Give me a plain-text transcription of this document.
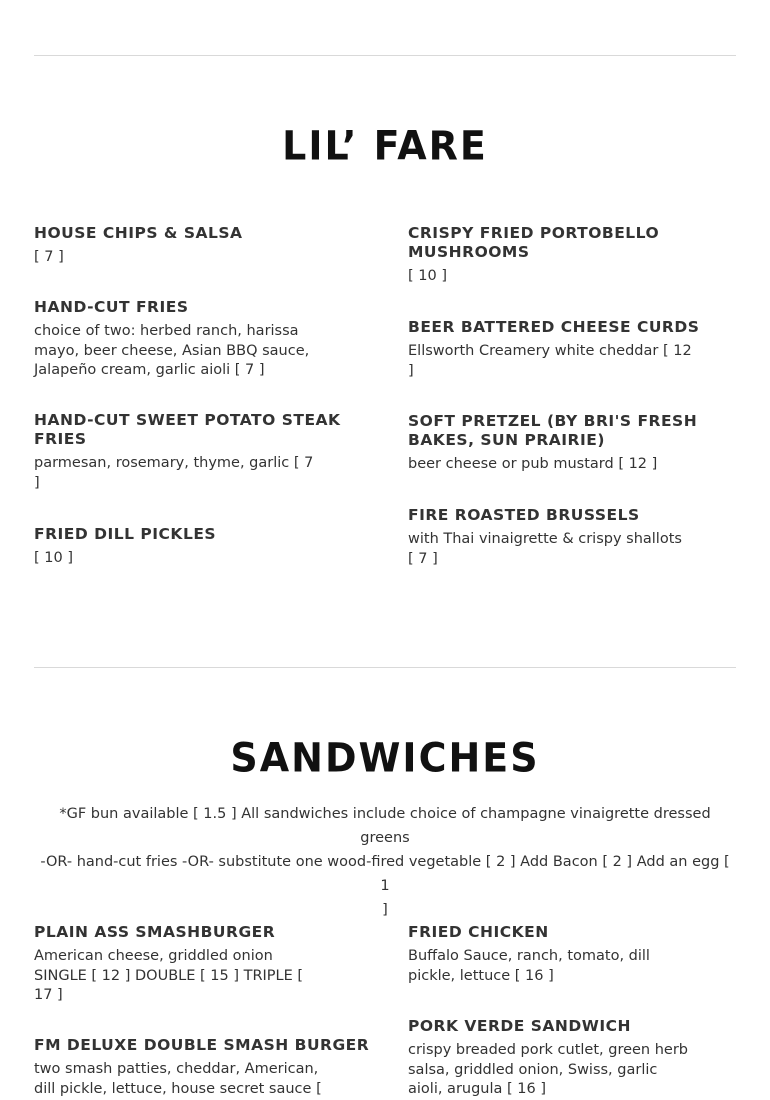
LIL’ FARE
HOUSE CHIPS & SALSA
[ 7 ]
HAND-CUT FRIES
choice of two: herbed ranch, harissa
mayo, beer cheese, Asian BBQ sauce,
Jalapeño cream, garlic aioli [ 7 ]
HAND-CUT SWEET POTATO STEAK
FRIES
parmesan, rosemary, thyme, garlic [ 7
]
FRIED DILL PICKLES
[ 10 ]
CRISPY FRIED PORTOBELLO
MUSHROOMS
[ 10 ]
BEER BATTERED CHEESE CURDS
Ellsworth Creamery white cheddar [ 12
]
SOFT PRETZEL (BY BRI'S FRESH
BAKES, SUN PRAIRIE)
beer cheese or pub mustard [ 12 ]
FIRE ROASTED BRUSSELS
with Thai vinaigrette & crispy shallots
[ 7 ]
SANDWICHES
*GF bun available [ 1.5 ] All sandwiches include choice of champagne vinaigrette dressed greens
-OR- hand-cut fries -OR- substitute one wood-fired vegetable [ 2 ] Add Bacon [ 2 ] Add an egg [ 1
]
PLAIN ASS SMASHBURGER
American cheese, griddled onion
SINGLE [ 12 ] DOUBLE [ 15 ] TRIPLE [
17 ]
FM DELUXE DOUBLE SMASH BURGER
two smash patties, cheddar, American,
dill pickle, lettuce, house secret sauce [
FRIED CHICKEN
Buffalo Sauce, ranch, tomato, dill
pickle, lettuce [ 16 ]
PORK VERDE SANDWICH
crispy breaded pork cutlet, green herb
salsa, griddled onion, Swiss, garlic
aioli, arugula [ 16 ]
